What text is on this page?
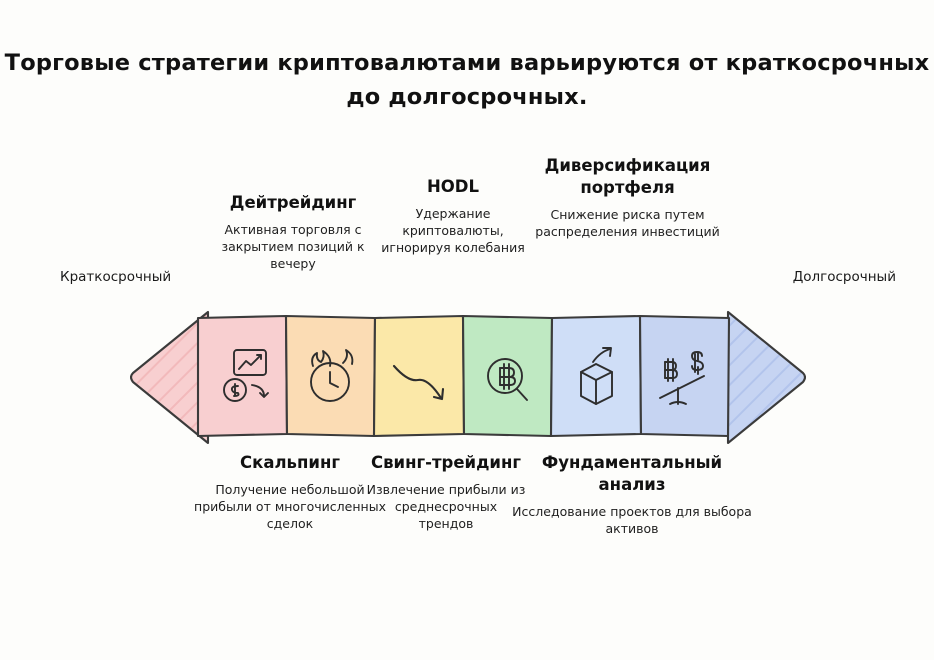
Торговые стратегии криптовалютами варьируются от краткосрочных до долгосрочных.
Краткосрочный	Долгосрочный
Дейтрейдинг
Активная торговля с закрытием позиций к вечеру
HODL
Удержание криптовалюты, игнорируя колебания
Диверсификация портфеля
Снижение риска путем распределения инвестиций
Скальпинг
Получение небольшой прибыли от многочисленных сделок
Свинг-трейдинг
Извлечение прибыли из среднесрочных трендов
Фундаментальный анализ
Исследование проектов для выбора активов
